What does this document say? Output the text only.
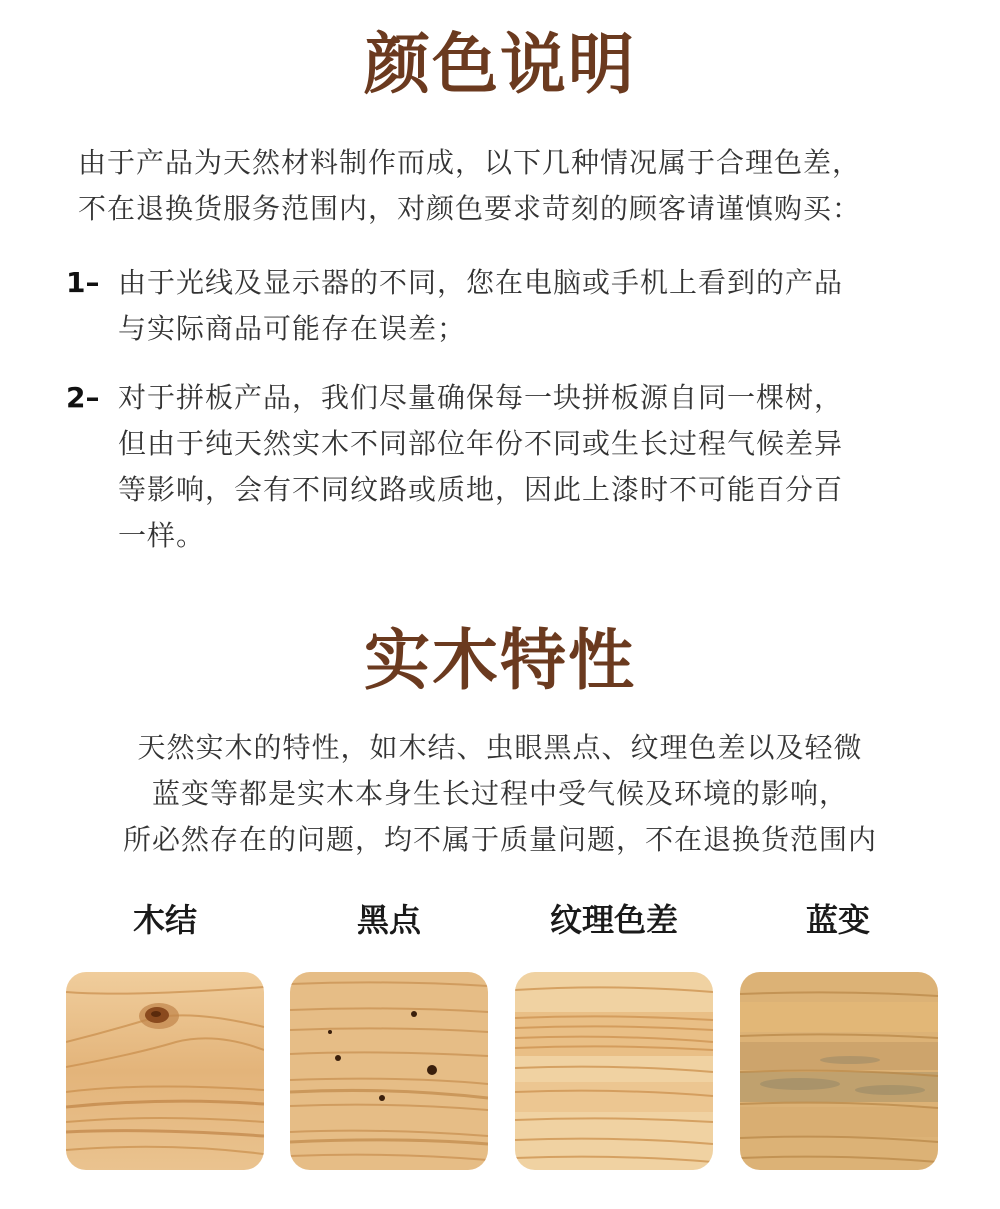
颜色说明
由于产品为天然材料制作而成，以下几种情况属于合理色差，
不在退换货服务范围内，对颜色要求苛刻的顾客请谨慎购买：
1– 由于光线及显示器的不同，您在电脑或手机上看到的产品
与实际商品可能存在误差；
2– 对于拼板产品，我们尽量确保每一块拼板源自同一棵树，
但由于纯天然实木不同部位年份不同或生长过程气候差异
等影响，会有不同纹路或质地，因此上漆时不可能百分百
一样。
实木特性
天然实木的特性，如木结、虫眼黑点、纹理色差以及轻微
蓝变等都是实木本身生长过程中受气候及环境的影响，
所必然存在的问题，均不属于质量问题，不在退换货范围内
木结	黑点	纹理色差	蓝变
